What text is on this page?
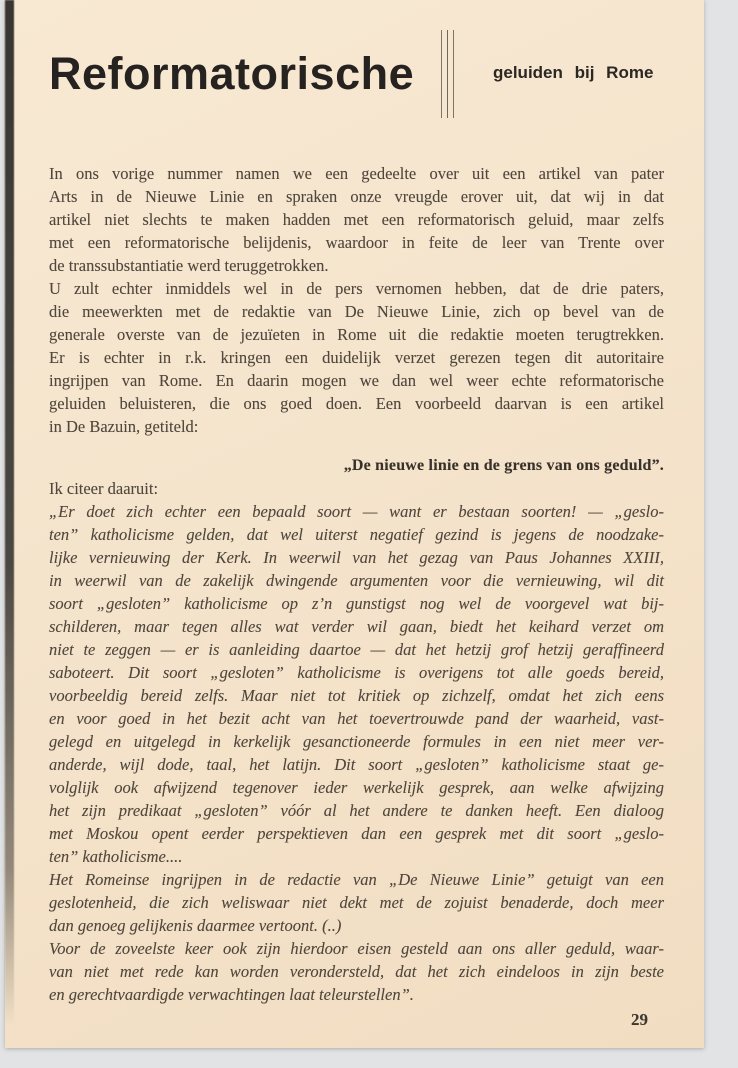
Reformatorische	geluiden bij Rome
In ons vorige nummer namen we een gedeelte over uit een artikel van pater
Arts in de Nieuwe Linie en spraken onze vreugde erover uit, dat wij in dat
artikel niet slechts te maken hadden met een reformatorisch geluid, maar zelfs
met een reformatorische belijdenis, waardoor in feite de leer van Trente over
de transsubstantiatie werd teruggetrokken.
U zult echter inmiddels wel in de pers vernomen hebben, dat de drie paters,
die meewerkten met de redaktie van De Nieuwe Linie, zich op bevel van de
generale overste van de jezuïeten in Rome uit die redaktie moeten terugtrekken.
Er is echter in r.k. kringen een duidelijk verzet gerezen tegen dit autoritaire
ingrijpen van Rome. En daarin mogen we dan wel weer echte reformatorische
geluiden beluisteren, die ons goed doen. Een voorbeeld daarvan is een artikel
in De Bazuin, getiteld:
„De nieuwe linie en de grens van ons geduld”.
Ik citeer daaruit:
„Er doet zich echter een bepaald soort — want er bestaan soorten! — „geslo-
ten” katholicisme gelden, dat wel uiterst negatief gezind is jegens de noodzake-
lijke vernieuwing der Kerk. In weerwil van het gezag van Paus Johannes XXIII,
in weerwil van de zakelijk dwingende argumenten voor die vernieuwing, wil dit
soort „gesloten” katholicisme op z’n gunstigst nog wel de voorgevel wat bij-
schilderen, maar tegen alles wat verder wil gaan, biedt het keihard verzet om
niet te zeggen — er is aanleiding daartoe — dat het hetzij grof hetzij geraffineerd
saboteert. Dit soort „gesloten” katholicisme is overigens tot alle goeds bereid,
voorbeeldig bereid zelfs. Maar niet tot kritiek op zichzelf, omdat het zich eens
en voor goed in het bezit acht van het toevertrouwde pand der waarheid, vast-
gelegd en uitgelegd in kerkelijk gesanctioneerde formules in een niet meer ver-
anderde, wijl dode, taal, het latijn. Dit soort „gesloten” katholicisme staat ge-
volglijk ook afwijzend tegenover ieder werkelijk gesprek, aan welke afwijzing
het zijn predikaat „gesloten” vóór al het andere te danken heeft. Een dialoog
met Moskou opent eerder perspektieven dan een gesprek met dit soort „geslo-
ten” katholicisme....
Het Romeinse ingrijpen in de redactie van „De Nieuwe Linie” getuigt van een
geslotenheid, die zich weliswaar niet dekt met de zojuist benaderde, doch meer
dan genoeg gelijkenis daarmee vertoont. (..)
Voor de zoveelste keer ook zijn hierdoor eisen gesteld aan ons aller geduld, waar-
van niet met rede kan worden verondersteld, dat het zich eindeloos in zijn beste
en gerechtvaardigde verwachtingen laat teleurstellen”.
29
